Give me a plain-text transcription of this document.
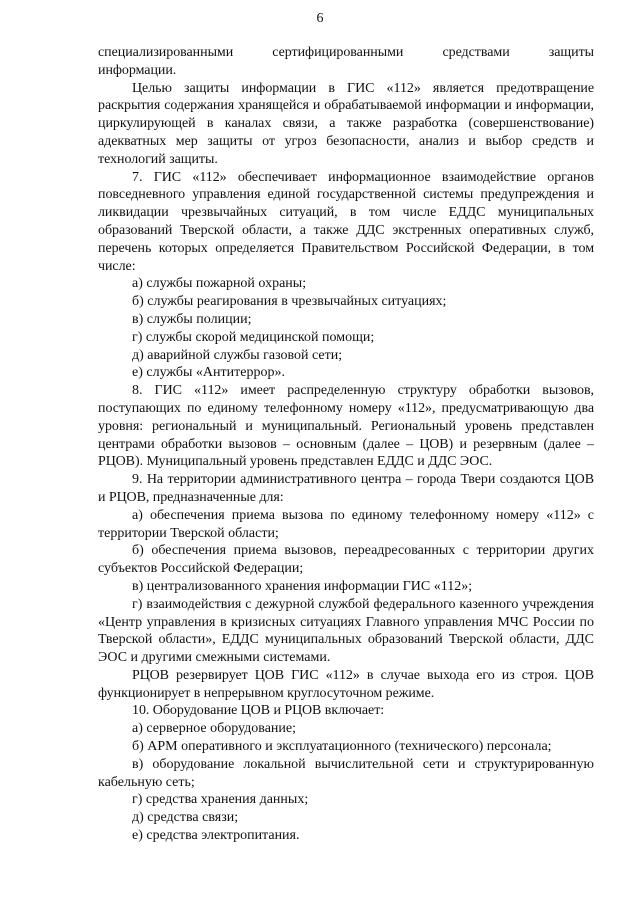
6

специализированными сертифицированными средствами защиты

информации.

Целью защиты информации в ГИС «112» является предотвращение раскрытия содержания хранящейся и обрабатываемой информации и информации, циркулирующей в каналах связи, а также разработка (совершенствование) адекватных мер защиты от угроз безопасности, анализ и выбор средств и технологий защиты.

7. ГИС «112» обеспечивает информационное взаимодействие органов повседневного управления единой государственной системы предупреждения и ликвидации чрезвычайных ситуаций, в том числе ЕДДС муниципальных образований Тверской области, а также ДДС экстренных оперативных служб, перечень которых определяется Правительством Российской Федерации, в том числе:

а) службы пожарной охраны;

б) службы реагирования в чрезвычайных ситуациях;

в) службы полиции;

г) службы скорой медицинской помощи;

д) аварийной службы газовой сети;

е) службы «Антитеррор».

8. ГИС «112» имеет распределенную структуру обработки вызовов, поступающих по единому телефонному номеру «112», предусматривающую два уровня: региональный и муниципальный. Региональный уровень представлен центрами обработки вызовов – основным (далее – ЦОВ) и резервным (далее – РЦОВ). Муниципальный уровень представлен ЕДДС и ДДС ЭОС.

9. На территории административного центра – города Твери создаются ЦОВ и РЦОВ, предназначенные для:

а) обеспечения приема вызова по единому телефонному номеру «112» с территории Тверской области;

б) обеспечения приема вызовов, переадресованных с территории других субъектов Российской Федерации;

в) централизованного хранения информации ГИС «112»;

г) взаимодействия с дежурной службой федерального казенного учреждения «Центр управления в кризисных ситуациях Главного управления МЧС России по Тверской области», ЕДДС муниципальных образований Тверской области, ДДС ЭОС и другими смежными системами.

РЦОВ резервирует ЦОВ ГИС «112» в случае выхода его из строя. ЦОВ функционирует в непрерывном круглосуточном режиме.

10. Оборудование ЦОВ и РЦОВ включает:

а) серверное оборудование;

б) АРМ оперативного и эксплуатационного (технического) персонала;

в) оборудование локальной вычислительной сети и структурированную кабельную сеть;

г) средства хранения данных;

д) средства связи;

е) средства электропитания.
